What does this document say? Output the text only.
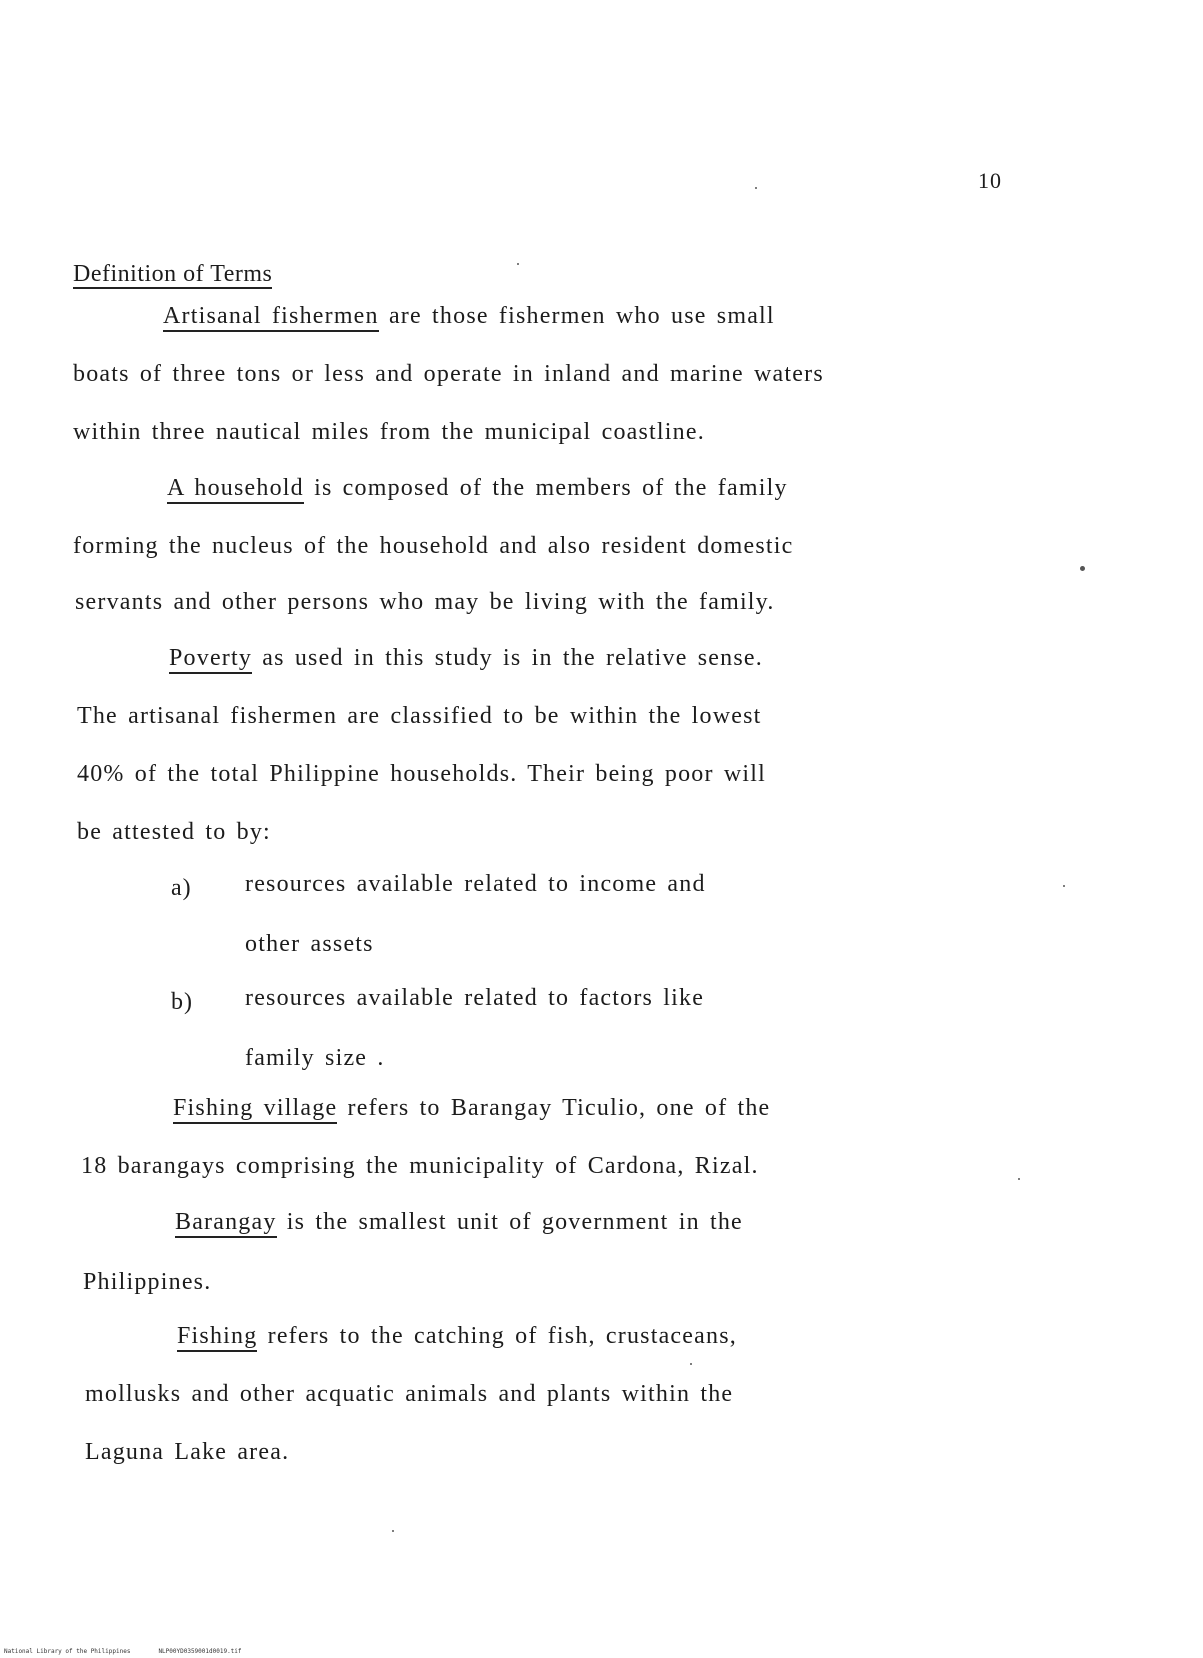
10
Definition of Terms
Artisanal fishermen are those fishermen who use small
boats of three tons or less and operate in inland and marine waters
within three nautical miles from the municipal coastline.
A household is composed of the members of the family
forming the nucleus of the household and also resident domestic
servants and other persons who may be living with the family.
Poverty as used in this study is in the relative sense.
The artisanal fishermen are classified to be within the lowest
40% of the total Philippine households. Their being poor will
be attested to by:
a) resources available related to income and
other assets
b) resources available related to factors like
family size .
Fishing village refers to Barangay Ticulio, one of the
18 barangays comprising the municipality of Cardona, Rizal.
Barangay is the smallest unit of government in the
Philippines.
Fishing refers to the catching of fish, crustaceans,
mollusks and other acquatic animals and plants within the
Laguna Lake area.
National Library of the Philippines	NLP00YD0359001d0019.tif
